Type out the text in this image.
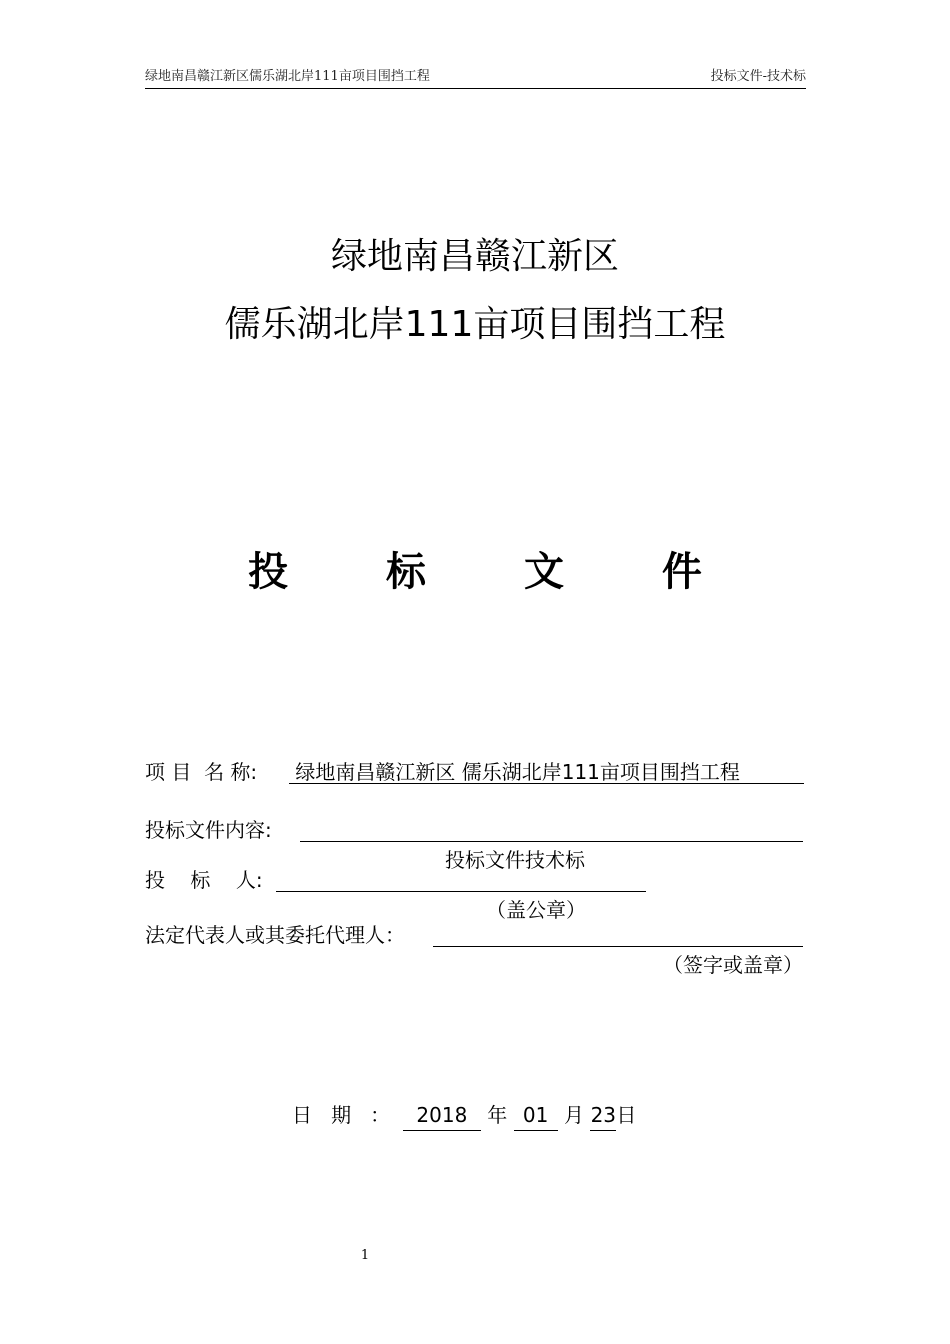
绿地南昌赣江新区儒乐湖北岸111亩项目围挡工程	投标文件-技术标
绿地南昌赣江新区
儒乐湖北岸111亩项目围挡工程
投 标 文 件
项 目  名 称: 绿地南昌赣江新区 儒乐湖北岸111亩项目围挡工程
投标文件内容:

投标文件技术标

投    标    人:

（盖公章）

法定代表人或其委托代理人：

（签字或盖章）

日   期   ： 2018 年 01 月 23日
1
